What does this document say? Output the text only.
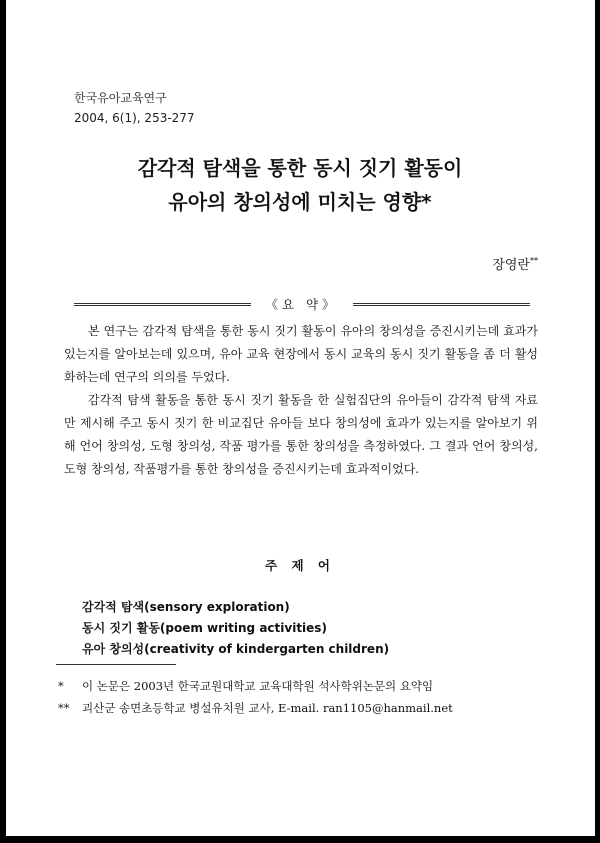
한국유아교육연구
2004, 6(1), 253-277
감각적 탐색을 통한 동시 짓기 활동이
유아의 창의성에 미치는 영향*
장영란**
《요 약》

본 연구는 감각적 탐색을 통한 동시 짓기 활동이 유아의 창의성을 증진시키는데 효과가 있는지를 알아보는데 있으며, 유아 교육 현장에서 동시 교육의 동시 짓기 활동을 좀 더 활성화하는데 연구의 의의를 두었다.

감각적 탐색 활동을 통한 동시 짓기 활동을 한 실험집단의 유아들이 감각적 탐색 자료만 제시해 주고 동시 짓기 한 비교집단 유아들 보다 창의성에 효과가 있는지를 알아보기 위해 언어 창의성, 도형 창의성, 작품 평가를 통한 창의성을 측정하였다. 그 결과 언어 창의성, 도형 창의성, 작품평가를 통한 창의성을 증진시키는데 효과적이었다.

주 제 어
감각적 탐색(sensory exploration)
동시 짓기 활동(poem writing activities)
유아 창의성(creativity of kindergarten children)
* 이 논문은 2003년 한국교원대학교 교육대학원 석사학위논문의 요약임
** 괴산군 송면초등학교 병설유치원 교사, E-mail. ran1105@hanmail.net
